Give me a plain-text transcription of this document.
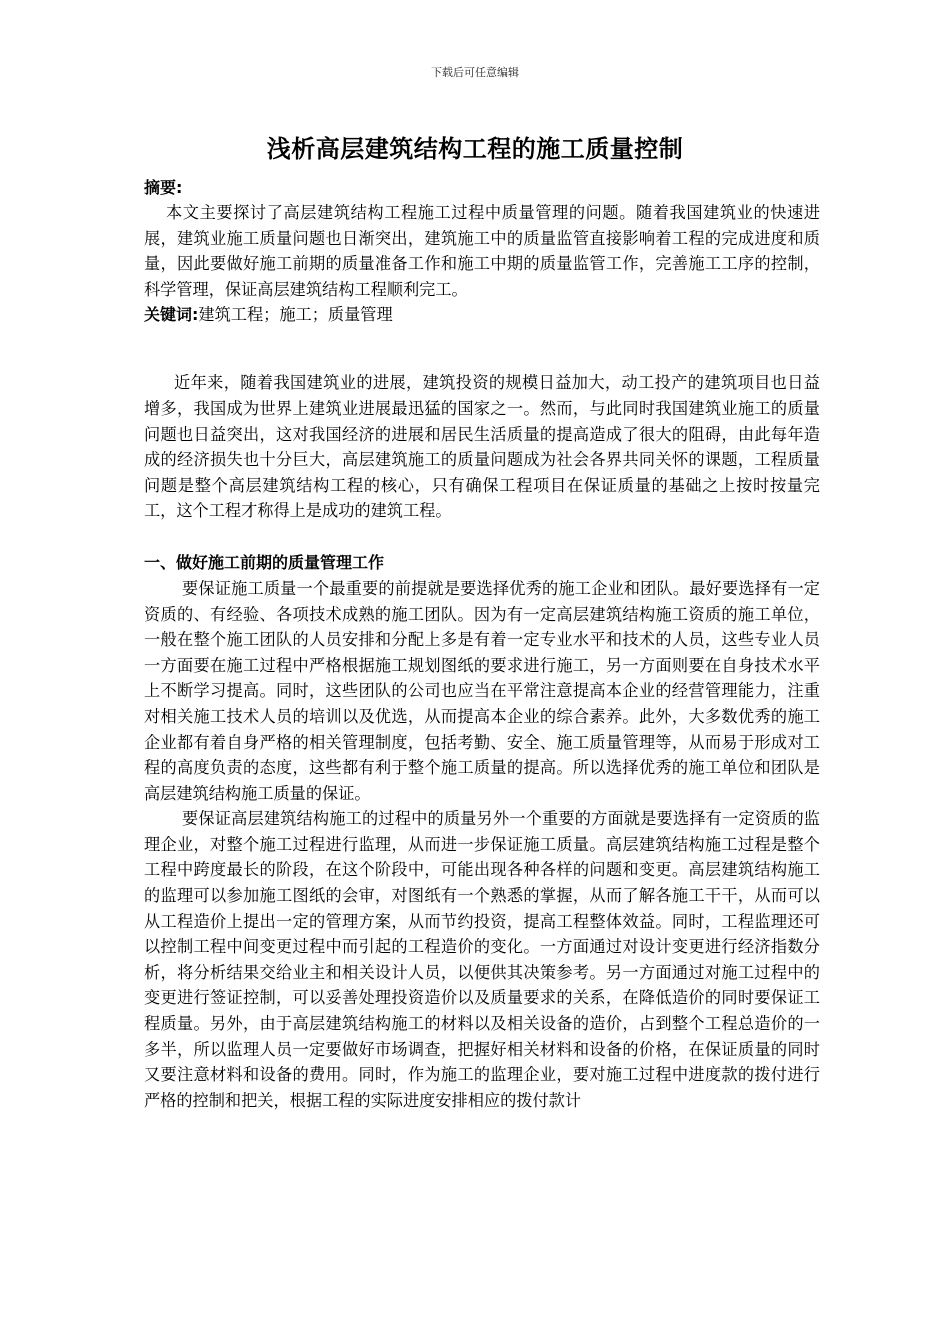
下载后可任意编辑
浅析高层建筑结构工程的施工质量控制

摘要:

本文主要探讨了高层建筑结构工程施工过程中质量管理的问题。随着我国建筑业的快速进展，建筑业施工质量问题也日渐突出，建筑施工中的质量监管直接影响着工程的完成进度和质量，因此要做好施工前期的质量准备工作和施工中期的质量监管工作，完善施工工序的控制，科学管理，保证高层建筑结构工程顺利完工。

关键词:建筑工程；施工；质量管理

近年来，随着我国建筑业的进展，建筑投资的规模日益加大，动工投产的建筑项目也日益增多，我国成为世界上建筑业进展最迅猛的国家之一。然而，与此同时我国建筑业施工的质量问题也日益突出，这对我国经济的进展和居民生活质量的提高造成了很大的阻碍，由此每年造成的经济损失也十分巨大，高层建筑施工的质量问题成为社会各界共同关怀的课题，工程质量问题是整个高层建筑结构工程的核心，只有确保工程项目在保证质量的基础之上按时按量完工，这个工程才称得上是成功的建筑工程。

一、做好施工前期的质量管理工作

要保证施工质量一个最重要的前提就是要选择优秀的施工企业和团队。最好要选择有一定资质的、有经验、各项技术成熟的施工团队。因为有一定高层建筑结构施工资质的施工单位，一般在整个施工团队的人员安排和分配上多是有着一定专业水平和技术的人员，这些专业人员一方面要在施工过程中严格根据施工规划图纸的要求进行施工，另一方面则要在自身技术水平上不断学习提高。同时，这些团队的公司也应当在平常注意提高本企业的经营管理能力，注重对相关施工技术人员的培训以及优选，从而提高本企业的综合素养。此外，大多数优秀的施工企业都有着自身严格的相关管理制度，包括考勤、安全、施工质量管理等，从而易于形成对工程的高度负责的态度，这些都有利于整个施工质量的提高。所以选择优秀的施工单位和团队是高层建筑结构施工质量的保证。

要保证高层建筑结构施工的过程中的质量另外一个重要的方面就是要选择有一定资质的监理企业，对整个施工过程进行监理，从而进一步保证施工质量。高层建筑结构施工过程是整个工程中跨度最长的阶段，在这个阶段中，可能出现各种各样的问题和变更。高层建筑结构施工的监理可以参加施工图纸的会审，对图纸有一个熟悉的掌握，从而了解各施工干干，从而可以从工程造价上提出一定的管理方案，从而节约投资，提高工程整体效益。同时，工程监理还可以控制工程中间变更过程中而引起的工程造价的变化。一方面通过对设计变更进行经济指数分析，将分析结果交给业主和相关设计人员，以便供其决策参考。另一方面通过对施工过程中的变更进行签证控制，可以妥善处理投资造价以及质量要求的关系，在降低造价的同时要保证工程质量。另外，由于高层建筑结构施工的材料以及相关设备的造价，占到整个工程总造价的一多半，所以监理人员一定要做好市场调查，把握好相关材料和设备的价格，在保证质量的同时又要注意材料和设备的费用。同时，作为施工的监理企业，要对施工过程中进度款的拨付进行严格的控制和把关，根据工程的实际进度安排相应的拨付款计
